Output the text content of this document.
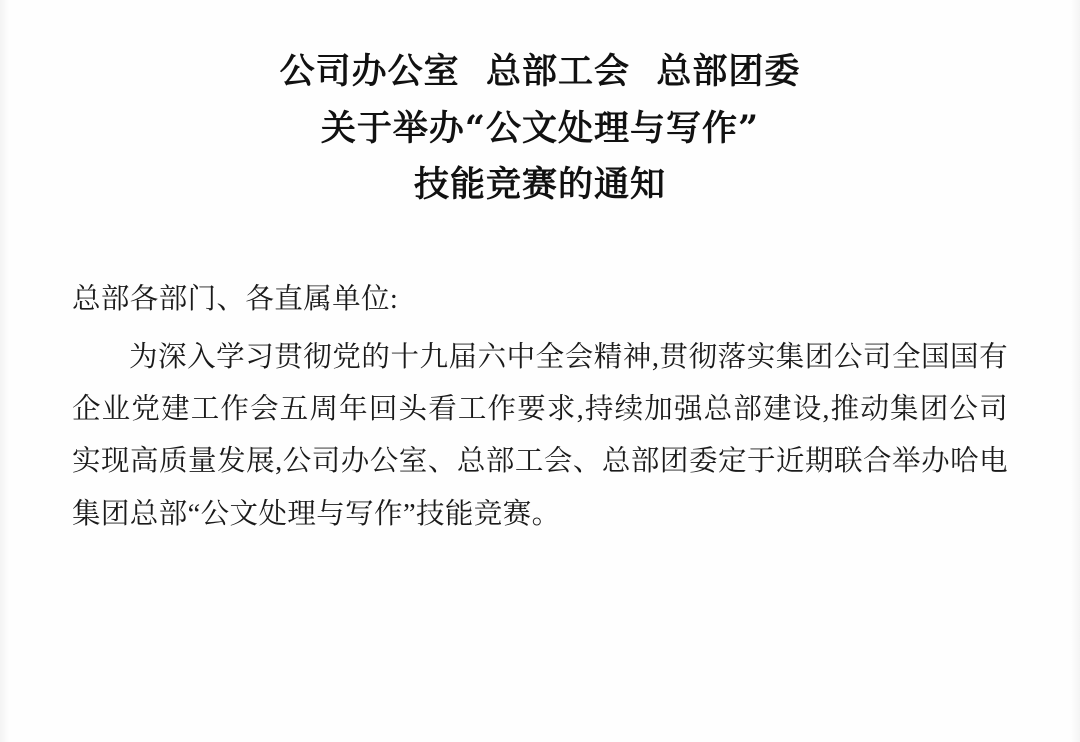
公司办公室  总部工会  总部团委
关于举办“公文处理与写作”
技能竞赛的通知

总部各部门、各直属单位:

为深入学习贯彻党的十九届六中全会精神,贯彻落实集团公司全国国有企业党建工作会五周年回头看工作要求,持续加强总部建设,推动集团公司实现高质量发展,公司办公室、总部工会、总部团委定于近期联合举办哈电集团总部“公文处理与写作”技能竞赛。
